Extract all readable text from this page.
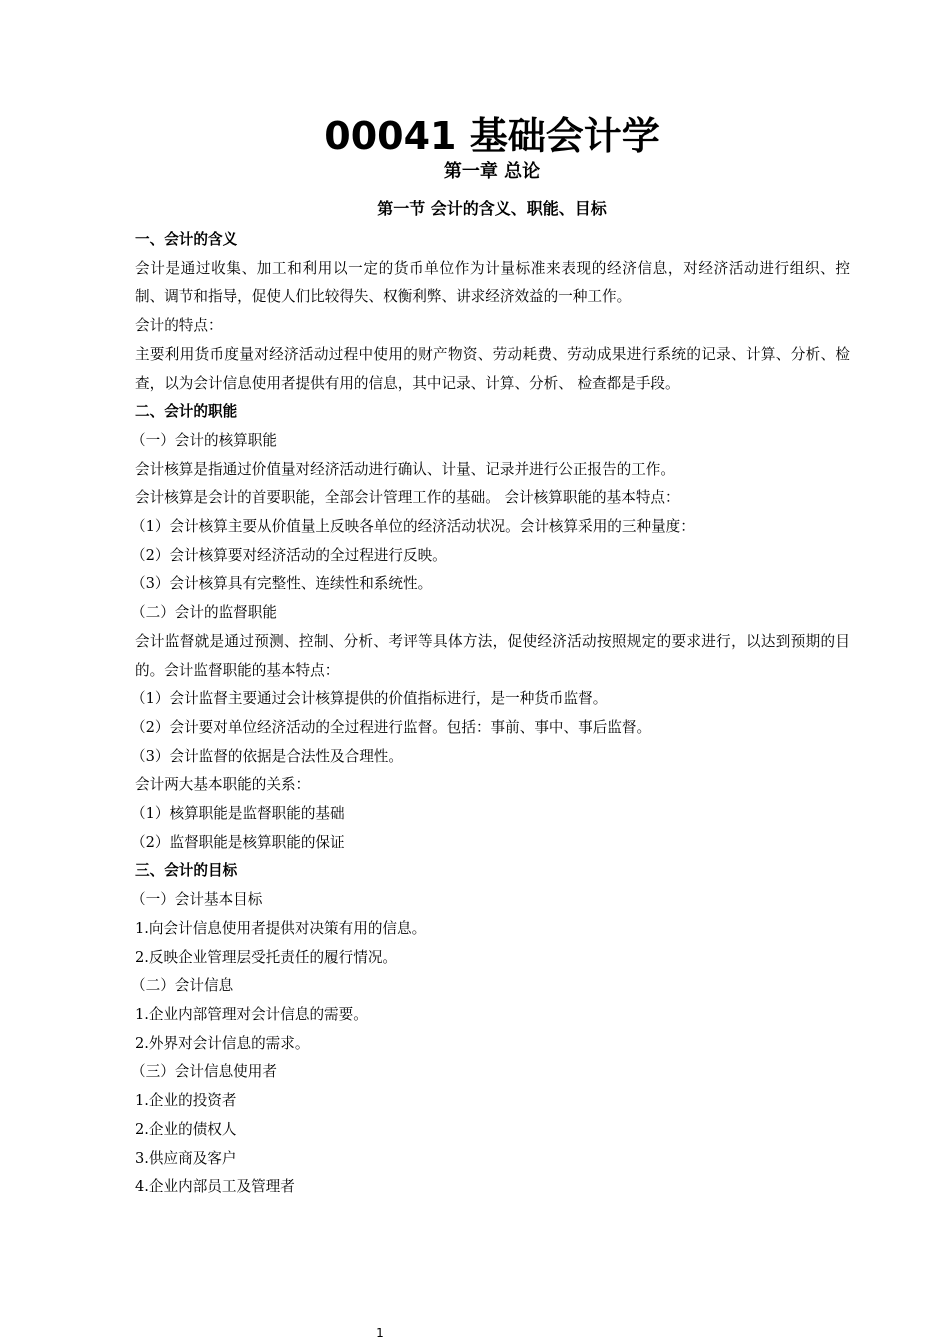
00041 基础会计学
第一章 总论
第一节 会计的含义、职能、目标

一、会计的含义

会计是通过收集、加工和利用以一定的货币单位作为计量标准来表现的经济信息，对经济活动进行组织、控制、调节和指导，促使人们比较得失、权衡利弊、讲求经济效益的一种工作。

会计的特点：

主要利用货币度量对经济活动过程中使用的财产物资、劳动耗费、劳动成果进行系统的记录、计算、分析、检查，以为会计信息使用者提供有用的信息，其中记录、计算、分析、 检查都是手段。

二、会计的职能

（一）会计的核算职能

会计核算是指通过价值量对经济活动进行确认、计量、记录并进行公正报告的工作。

会计核算是会计的首要职能，全部会计管理工作的基础。 会计核算职能的基本特点：

（1）会计核算主要从价值量上反映各单位的经济活动状况。会计核算采用的三种量度：

（2）会计核算要对经济活动的全过程进行反映。

（3）会计核算具有完整性、连续性和系统性。

（二）会计的监督职能

会计监督就是通过预测、控制、分析、考评等具体方法，促使经济活动按照规定的要求进行，以达到预期的目的。会计监督职能的基本特点：

（1）会计监督主要通过会计核算提供的价值指标进行，是一种货币监督。

（2）会计要对单位经济活动的全过程进行监督。包括：事前、事中、事后监督。

（3）会计监督的依据是合法性及合理性。

会计两大基本职能的关系：

（1）核算职能是监督职能的基础

（2）监督职能是核算职能的保证

三、会计的目标

（一）会计基本目标

1.向会计信息使用者提供对决策有用的信息。

2.反映企业管理层受托责任的履行情况。

（二）会计信息

1.企业内部管理对会计信息的需要。

2.外界对会计信息的需求。

（三）会计信息使用者

1.企业的投资者

2.企业的债权人

3.供应商及客户

4.企业内部员工及管理者

1
